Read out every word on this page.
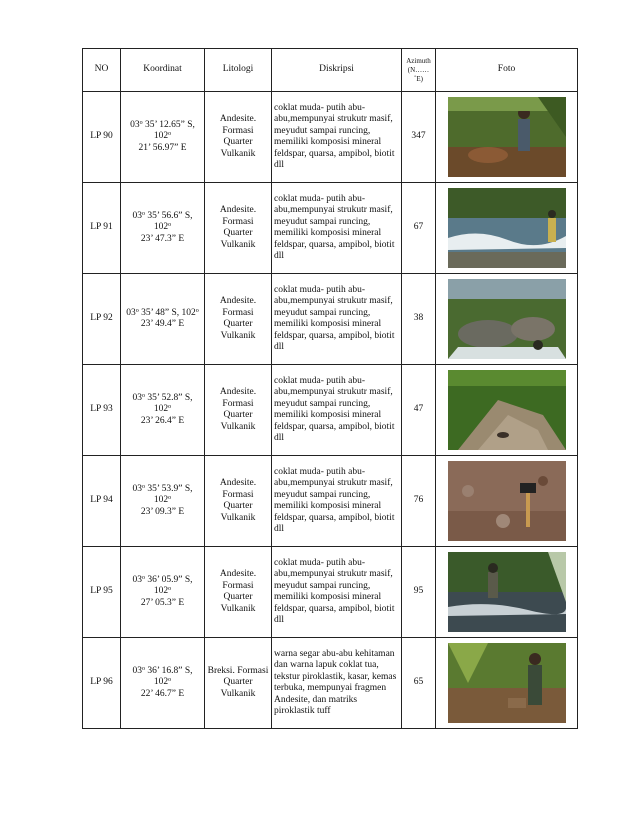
NO	Koordinat	Litologi	Diskripsi	Azimuth
(N……˚E)	Foto
LP 90	03$^o$ 35’ 12.65” S, 102$^o$
21’ 56.97” E	Andesite. Formasi Quarter Vulkanik	coklat muda- putih abu-abu,mempunyai strukutr masif, meyudut sampai runcing, memiliki komposisi mineral feldspar, quarsa, ampibol, biotit dll	347	

LP 91	03$^o$ 35’ 56.6” S, 102$^o$
23’ 47.3” E	Andesite. Formasi Quarter Vulkanik	coklat muda- putih abu-abu,mempunyai strukutr masif, meyudut sampai runcing, memiliki komposisi mineral feldspar, quarsa, ampibol, biotit dll	67	

LP 92	03$^o$ 35’ 48” S, 102$^o$
23’ 49.4” E	Andesite. Formasi Quarter Vulkanik	coklat muda- putih abu-abu,mempunyai strukutr masif, meyudut sampai runcing, memiliki komposisi mineral feldspar, quarsa, ampibol, biotit dll	38	

LP 93	03$^o$ 35’ 52.8” S, 102$^o$
23’ 26.4” E	Andesite. Formasi Quarter Vulkanik	coklat muda- putih abu-abu,mempunyai strukutr masif, meyudut sampai runcing, memiliki komposisi mineral feldspar, quarsa, ampibol, biotit dll	47	

LP 94	03$^o$ 35’ 53.9” S, 102$^o$
23’ 09.3” E	Andesite. Formasi Quarter Vulkanik	coklat muda- putih abu-abu,mempunyai strukutr masif, meyudut sampai runcing, memiliki komposisi mineral feldspar, quarsa, ampibol, biotit dll	76	

LP 95	03$^o$ 36’ 05.9” S, 102$^o$
27’ 05.3” E	Andesite. Formasi Quarter Vulkanik	coklat muda- putih abu-abu,mempunyai strukutr masif, meyudut sampai runcing, memiliki komposisi mineral feldspar, quarsa, ampibol, biotit dll	95	

LP 96	03$^o$ 36’ 16.8” S, 102$^o$
22’ 46.7” E	Breksi. Formasi Quarter Vulkanik	warna segar abu-abu kehitaman dan warna lapuk coklat tua, tekstur piroklastik, kasar, kemas terbuka, mempunyai fragmen Andesite, dan matriks piroklastik tuff	65	
